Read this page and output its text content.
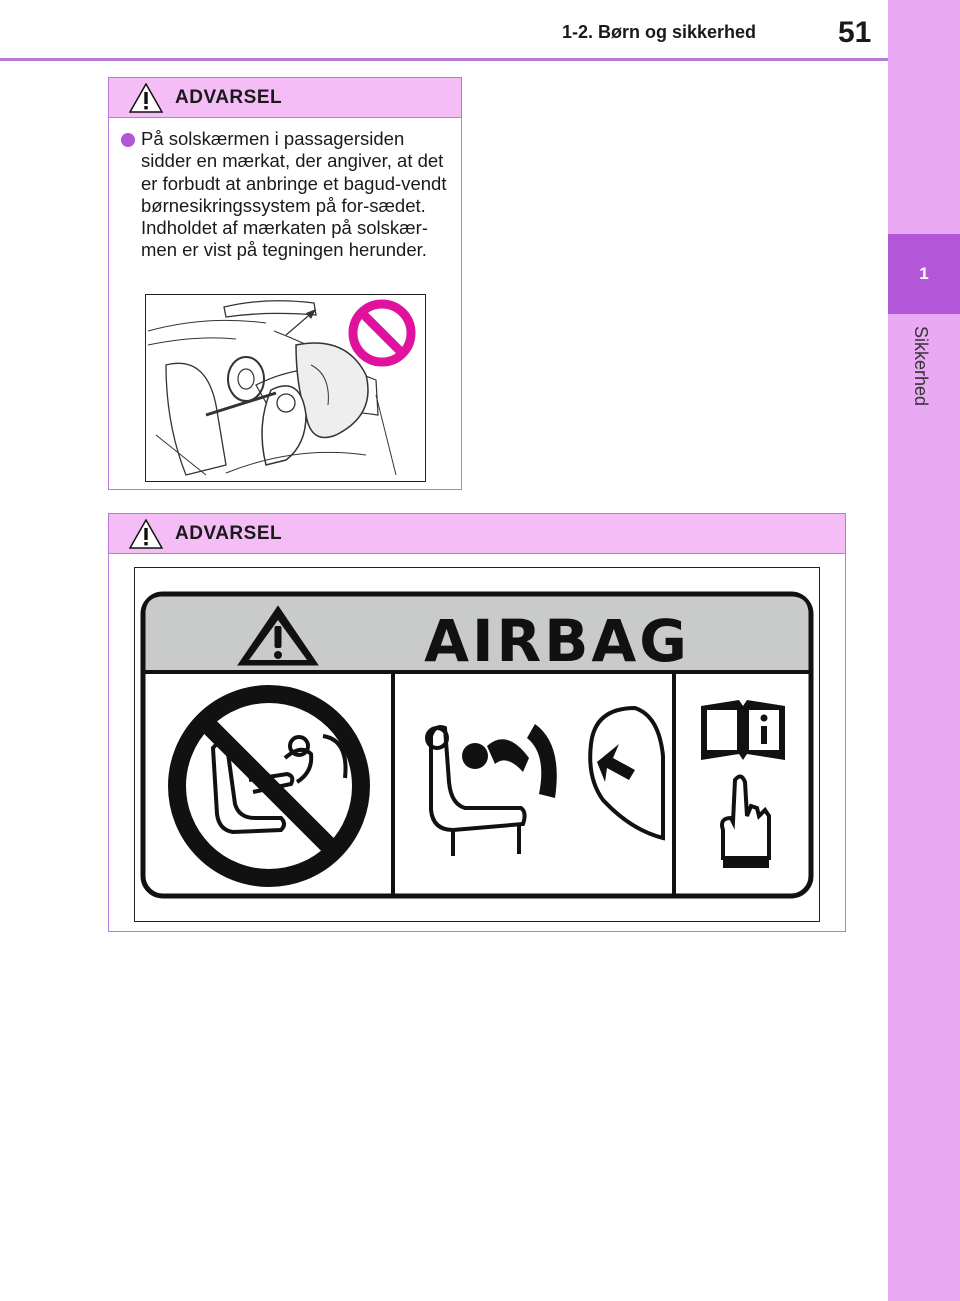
1-2. Børn og sikkerhed	51
1
Sikkerhed
ADVARSEL
På solskærmen i passagersiden sidder en mærkat, der angiver, at det er forbudt at anbringe et bagud-vendt børnesikringssystem på for-sædet.
Indholdet af mærkaten på solskær-men er vist på tegningen herunder.
ADVARSEL
AIRBAG
